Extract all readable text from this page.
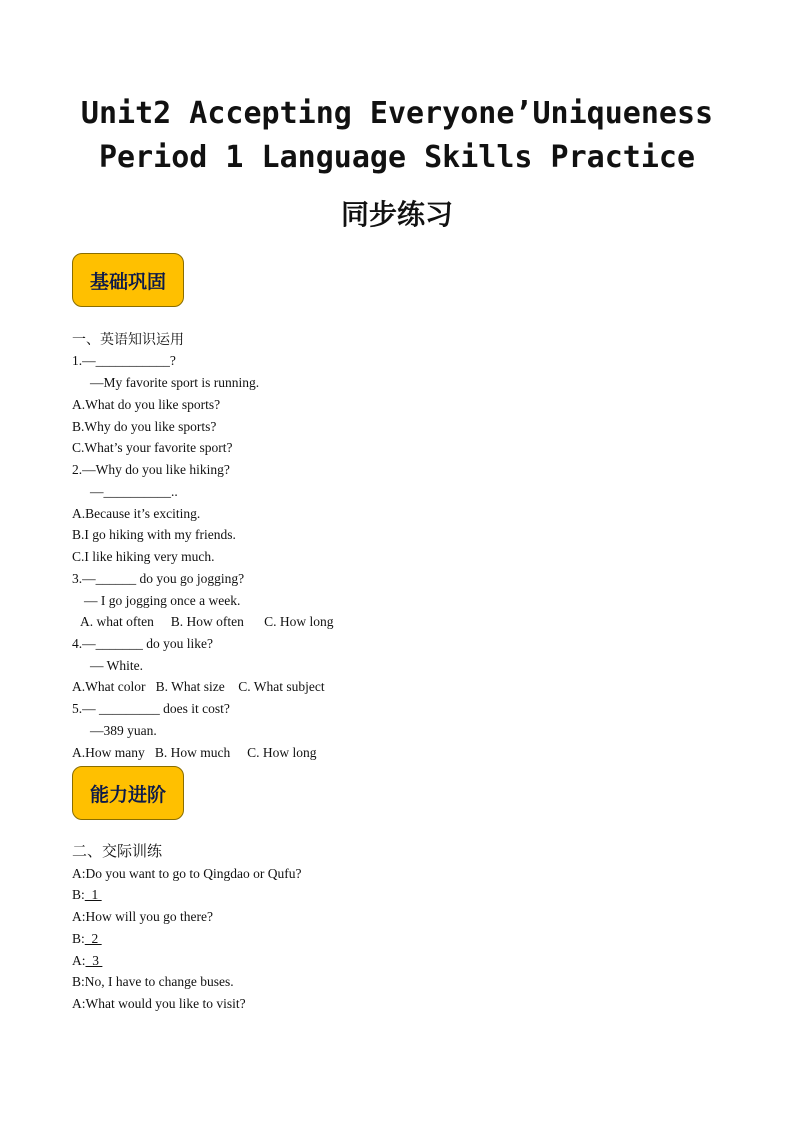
Unit2 Accepting Everyone’Uniqueness
Period 1 Language Skills Practice
同步练习
基础巩固
一、英语知识运用
1.—___________?
—My favorite sport is running.
A.What do you like sports?
B.Why do you like sports?
C.What’s your favorite sport?
2.—Why do you like hiking?
—__________..
A.Because it’s exciting.
B.I go hiking with my friends.
C.I like hiking very much.
3.—______ do you go jogging?
— I go jogging once a week.
A. what often     B. How often      C. How long
4.—_______ do you like?
— White.
A.What color   B. What size    C. What subject
5.— _________ does it cost?
—389 yuan.
A.How many   B. How much     C. How long
能力进阶
二、交际训练
A:Do you want to go to Qingdao or Qufu?
B:  1
A:How will you go there?
B:  2
A:  3
B:No, I have to change buses.
A:What would you like to visit?
